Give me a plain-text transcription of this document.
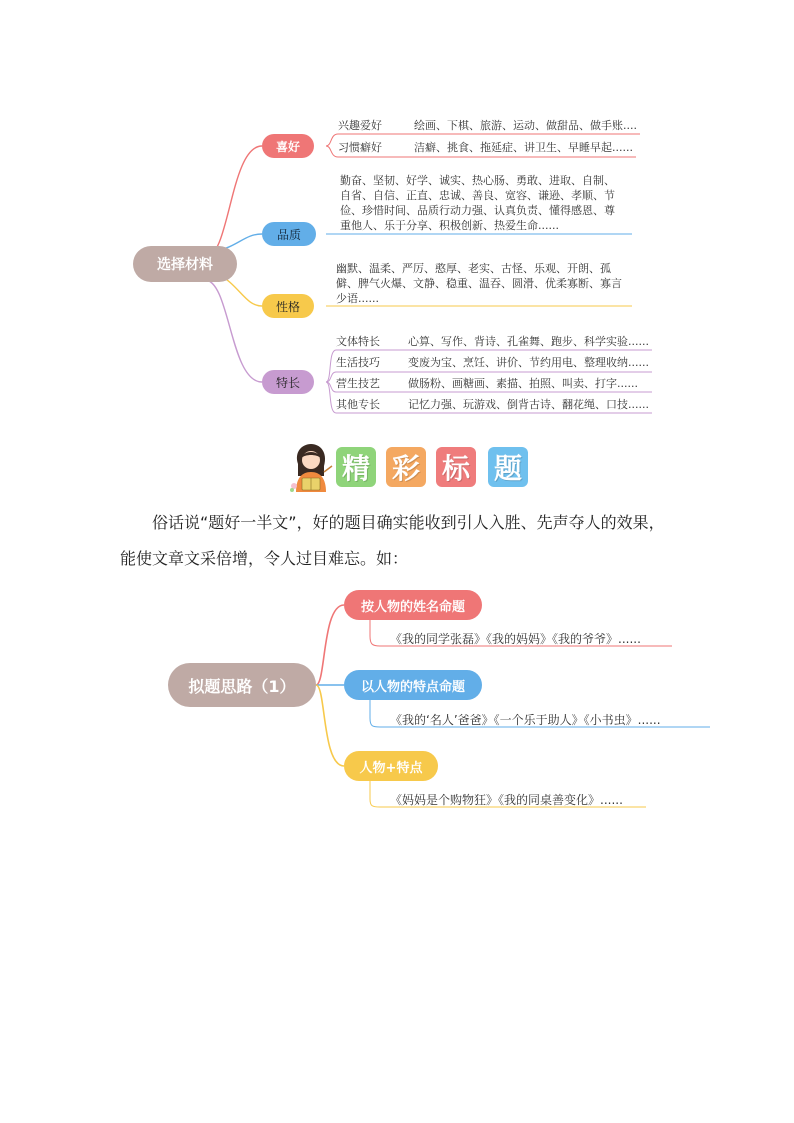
选择材料
喜好
品质
性格
特长
兴趣爱好	绘画、下棋、旅游、运动、做甜品、做手账....
习惯癖好	洁癖、挑食、拖延症、讲卫生、早睡早起......
勤奋、坚韧、好学、诚实、热心肠、勇敢、进取、自制、
自省、自信、正直、忠诚、善良、宽容、谦逊、孝顺、节
俭、珍惜时间、品质行动力强、认真负责、懂得感恩、尊
重他人、乐于分享、积极创新、热爱生命......
幽默、温柔、严厉、憨厚、老实、古怪、乐观、开朗、孤
僻、脾气火爆、文静、稳重、温吞、圆滑、优柔寡断、寡言
少语......
文体特长	心算、写作、背诗、孔雀舞、跑步、科学实验......
生活技巧	变废为宝、烹饪、讲价、节约用电、整理收纳......
营生技艺	做肠粉、画糖画、素描、拍照、叫卖、打字......
其他专长	记忆力强、玩游戏、倒背古诗、翻花绳、口技......
精 彩 标 题
俗话说“题好一半文”，好的题目确实能收到引人入胜、先声夺人的效果，
能使文章文采倍增，令人过目难忘。如：
拟题思路（1）
按人物的姓名命题
《我的同学张磊》《我的妈妈》《我的爷爷》......
以人物的特点命题
《我的‘名人’爸爸》《一个乐于助人》《小书虫》......
人物+特点
《妈妈是个购物狂》《我的同桌善变化》......
